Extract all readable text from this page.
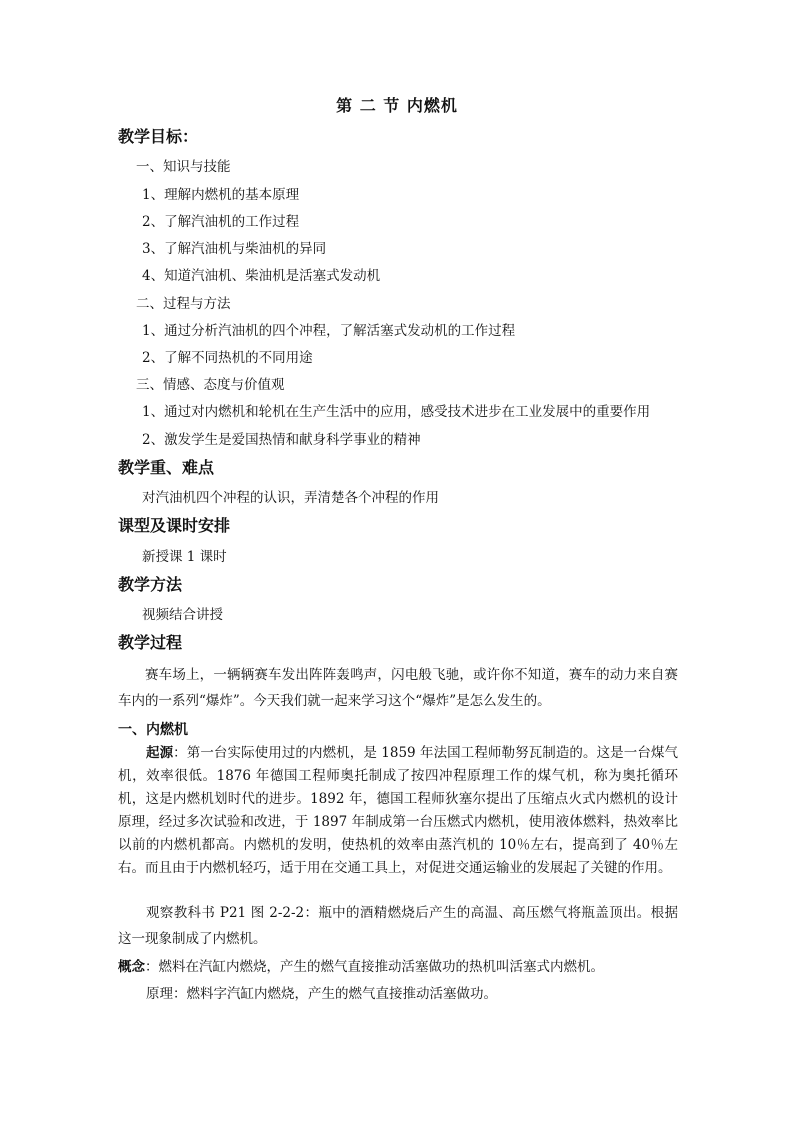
第 二 节 内燃机
教学目标：
一、知识与技能
1、理解内燃机的基本原理
2、了解汽油机的工作过程
3、了解汽油机与柴油机的异同
4、知道汽油机、柴油机是活塞式发动机
二、过程与方法
1、通过分析汽油机的四个冲程，了解活塞式发动机的工作过程
2、了解不同热机的不同用途
三、情感、态度与价值观
1、通过对内燃机和轮机在生产生活中的应用，感受技术进步在工业发展中的重要作用
2、激发学生是爱国热情和献身科学事业的精神
教学重、难点
对汽油机四个冲程的认识，弄清楚各个冲程的作用
课型及课时安排
新授课 1 课时
教学方法
视频结合讲授
教学过程
赛车场上，一辆辆赛车发出阵阵轰鸣声，闪电般飞驰，或许你不知道，赛车的动力来自赛车内的一系列“爆炸”。今天我们就一起来学习这个“爆炸”是怎么发生的。
一、内燃机
起源：第一台实际使用过的内燃机，是 1859 年法国工程师勒努瓦制造的。这是一台煤气机，效率很低。1876 年德国工程师奥托制成了按四冲程原理工作的煤气机，称为奥托循环机，这是内燃机划时代的进步。1892 年，德国工程师狄塞尔提出了压缩点火式内燃机的设计原理，经过多次试验和改进，于 1897 年制成第一台压燃式内燃机，使用液体燃料，热效率比以前的内燃机都高。内燃机的发明，使热机的效率由蒸汽机的 10％左右，提高到了 40％左右。而且由于内燃机轻巧，适于用在交通工具上，对促进交通运输业的发展起了关键的作用。
观察教科书 P21 图 2-2-2：瓶中的酒精燃烧后产生的高温、高压燃气将瓶盖顶出。根据这一现象制成了内燃机。
概念：燃料在汽缸内燃烧，产生的燃气直接推动活塞做功的热机叫活塞式内燃机。
原理：燃料字汽缸内燃烧，产生的燃气直接推动活塞做功。
